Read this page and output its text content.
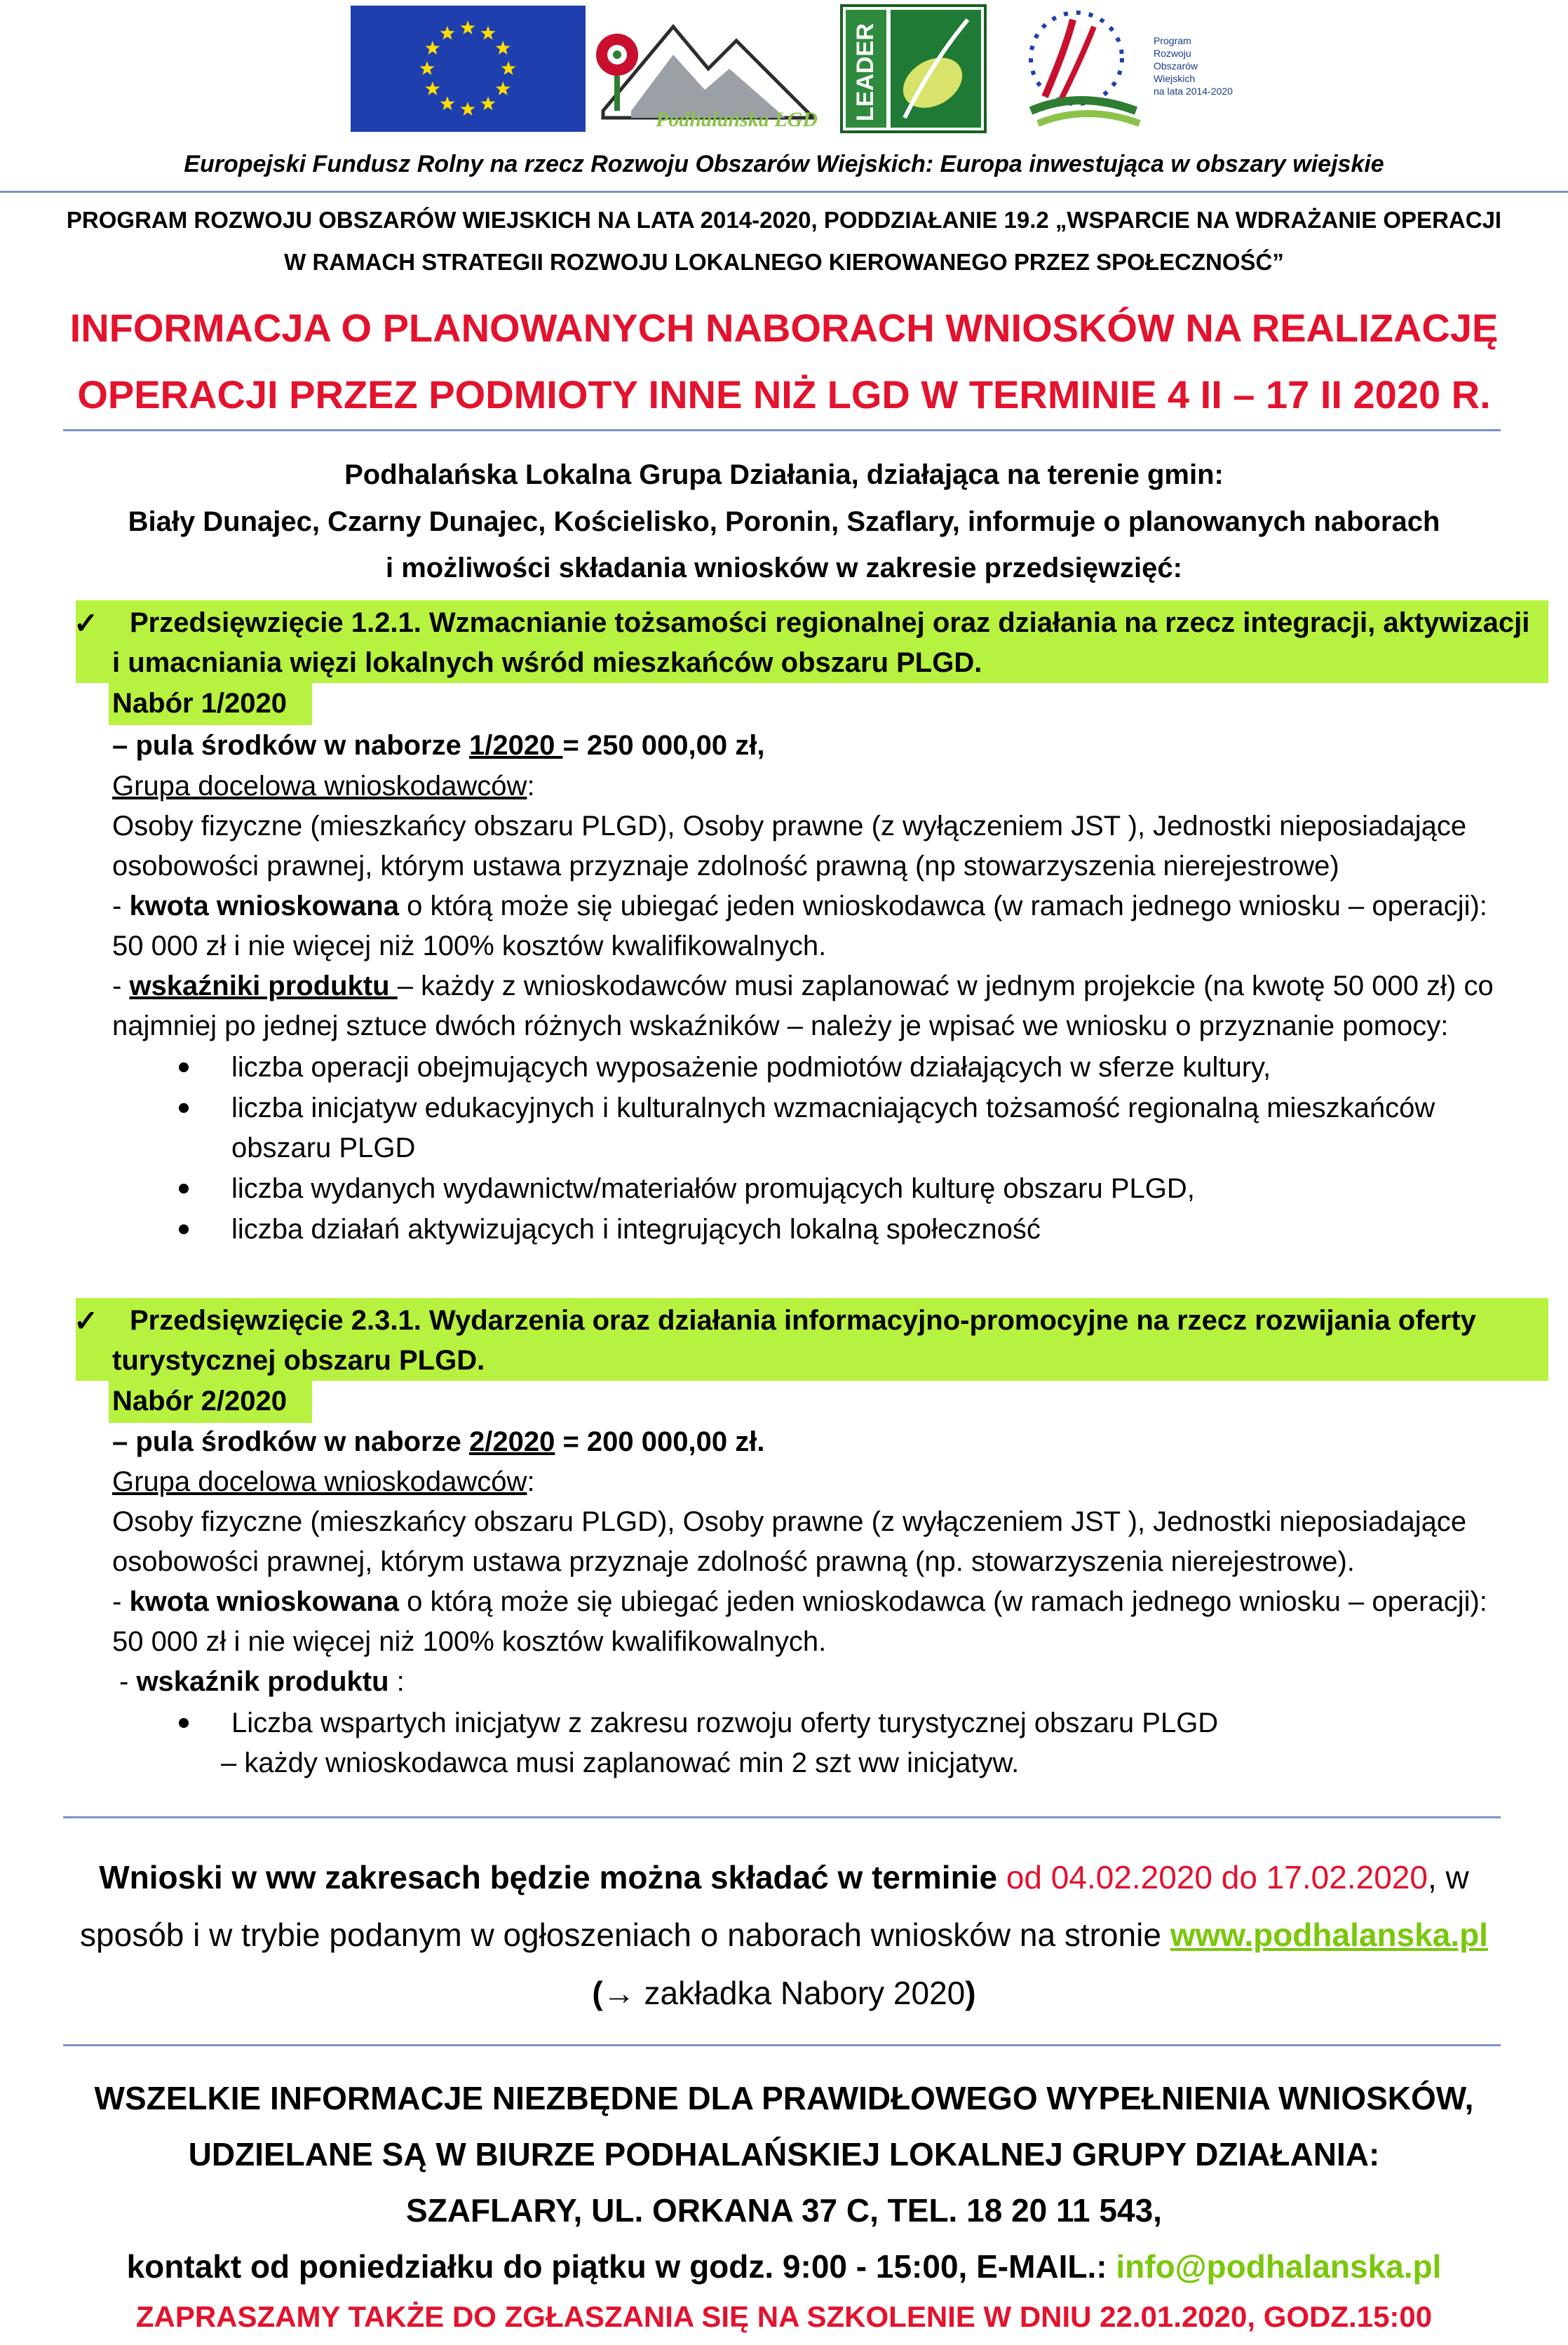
Podhalańska LGD LEADER	Program
Rozwoju
Obszarów
Wiejskich
na lata 2014-2020
Europejski Fundusz Rolny na rzecz Rozwoju Obszarów Wiejskich: Europa inwestująca w obszary wiejskie
PROGRAM ROZWOJU OBSZARÓW WIEJSKICH NA LATA 2014-2020, PODDZIAŁANIE 19.2 „WSPARCIE NA WDRAŻANIE OPERACJI
W RAMACH STRATEGII ROZWOJU LOKALNEGO KIEROWANEGO PRZEZ SPOŁECZNOŚĆ”
INFORMACJA O PLANOWANYCH NABORACH WNIOSKÓW NA REALIZACJĘ
OPERACJI PRZEZ PODMIOTY INNE NIŻ LGD W TERMINIE 4 II – 17 II 2020 R.
Podhalańska Lokalna Grupa Działania, działająca na terenie gmin:
Biały Dunajec, Czarny Dunajec, Kościelisko, Poronin, Szaflary, informuje o planowanych naborach
i możliwości składania wniosków w zakresie przedsięwzięć:
✓ Przedsięwzięcie 1.2.1. Wzmacnianie tożsamości regionalnej oraz działania na rzecz integracji, aktywizacji
i umacniania więzi lokalnych wśród mieszkańców obszaru PLGD.
Nabór 1/2020
– pula środków w naborze 1/2020 = 250 000,00 zł,
Grupa docelowa wnioskodawców:
Osoby fizyczne (mieszkańcy obszaru PLGD), Osoby prawne (z wyłączeniem JST ), Jednostki nieposiadające
osobowości prawnej, którym ustawa przyznaje zdolność prawną (np stowarzyszenia nierejestrowe)
- kwota wnioskowana o którą może się ubiegać jeden wnioskodawca (w ramach jednego wniosku – operacji):
50 000 zł i nie więcej niż 100% kosztów kwalifikowalnych.
- wskaźniki produktu – każdy z wnioskodawców musi zaplanować w jednym projekcie (na kwotę 50 000 zł) co
najmniej po jednej sztuce dwóch różnych wskaźników – należy je wpisać we wniosku o przyznanie pomocy:
liczba operacji obejmujących wyposażenie podmiotów działających w sferze kultury,
liczba inicjatyw edukacyjnych i kulturalnych wzmacniających tożsamość regionalną mieszkańców
obszaru PLGD
liczba wydanych wydawnictw/materiałów promujących kulturę obszaru PLGD,
liczba działań aktywizujących i integrujących lokalną społeczność
✓ Przedsięwzięcie 2.3.1. Wydarzenia oraz działania informacyjno-promocyjne na rzecz rozwijania oferty
turystycznej obszaru PLGD.
Nabór 2/2020
– pula środków w naborze 2/2020 = 200 000,00 zł.
Grupa docelowa wnioskodawców:
Osoby fizyczne (mieszkańcy obszaru PLGD), Osoby prawne (z wyłączeniem JST ), Jednostki nieposiadające
osobowości prawnej, którym ustawa przyznaje zdolność prawną (np. stowarzyszenia nierejestrowe).
- kwota wnioskowana o którą może się ubiegać jeden wnioskodawca (w ramach jednego wniosku – operacji):
50 000 zł i nie więcej niż 100% kosztów kwalifikowalnych.
- wskaźnik produktu :
Liczba wspartych inicjatyw z zakresu rozwoju oferty turystycznej obszaru PLGD
– każdy wnioskodawca musi zaplanować min 2 szt ww inicjatyw.
Wnioski w ww zakresach będzie można składać w terminie od 04.02.2020 do 17.02.2020, w
sposób i w trybie podanym w ogłoszeniach o naborach wniosków na stronie www.podhalanska.pl
(→ zakładka Nabory 2020)
WSZELKIE INFORMACJE NIEZBĘDNE DLA PRAWIDŁOWEGO WYPEŁNIENIA WNIOSKÓW,
UDZIELANE SĄ W BIURZE PODHALAŃSKIEJ LOKALNEJ GRUPY DZIAŁANIA:
SZAFLARY, UL. ORKANA 37 C, TEL. 18 20 11 543,
kontakt od poniedziałku do piątku w godz. 9:00 - 15:00, E-MAIL.: info@podhalanska.pl
ZAPRASZAMY TAKŻE DO ZGŁASZANIA SIĘ NA SZKOLENIE W DNIU 22.01.2020, GODZ.15:00
